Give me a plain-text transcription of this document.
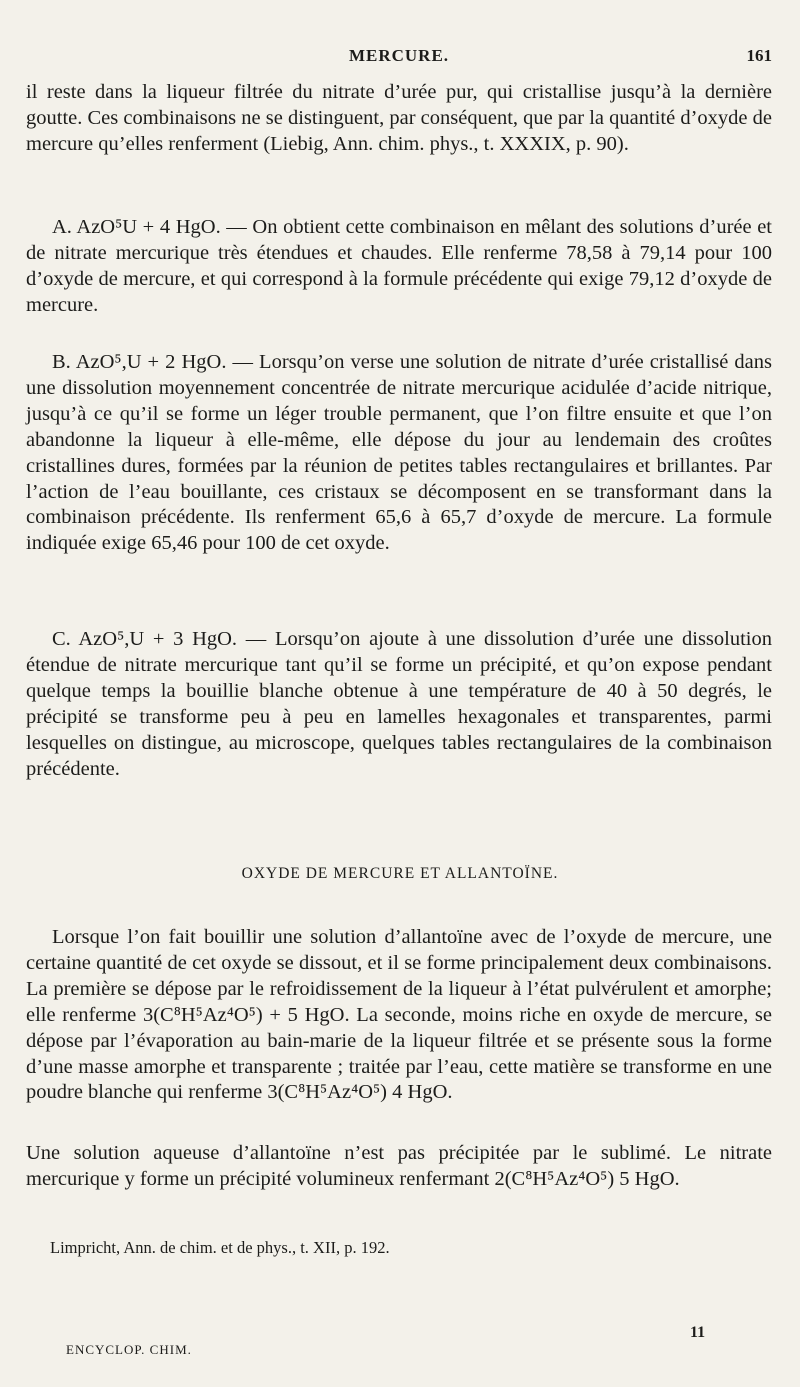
MERCURE.	161

il reste dans la liqueur filtrée du nitrate d’urée pur, qui cristallise jusqu’à la dernière goutte. Ces combinaisons ne se distinguent, par conséquent, que par la quantité d’oxyde de mercure qu’elles renferment (Liebig, Ann. chim. phys., t. XXXIX, p. 90).

A. AzO⁵U + 4 HgO. — On obtient cette combinaison en mêlant des solutions d’urée et de nitrate mercurique très étendues et chaudes. Elle renferme 78,58 à 79,14 pour 100 d’oxyde de mercure, et qui correspond à la formule précédente qui exige 79,12 d’oxyde de mercure.

B. AzO⁵,U + 2 HgO. — Lorsqu’on verse une solution de nitrate d’urée cristallisé dans une dissolution moyennement concentrée de nitrate mercurique acidulée d’acide nitrique, jusqu’à ce qu’il se forme un léger trouble permanent, que l’on filtre ensuite et que l’on abandonne la liqueur à elle-même, elle dépose du jour au lendemain des croûtes cristallines dures, formées par la réunion de petites tables rectangulaires et brillantes. Par l’action de l’eau bouillante, ces cristaux se décomposent en se transformant dans la combinaison précédente. Ils renferment 65,6 à 65,7 d’oxyde de mercure. La formule indiquée exige 65,46 pour 100 de cet oxyde.

C. AzO⁵,U + 3 HgO. — Lorsqu’on ajoute à une dissolution d’urée une dissolution étendue de nitrate mercurique tant qu’il se forme un précipité, et qu’on expose pendant quelque temps la bouillie blanche obtenue à une température de 40 à 50 degrés, le précipité se transforme peu à peu en lamelles hexagonales et transparentes, parmi lesquelles on distingue, au microscope, quelques tables rectangulaires de la combinaison précédente.

OXYDE DE MERCURE ET ALLANTOÏNE.

Lorsque l’on fait bouillir une solution d’allantoïne avec de l’oxyde de mercure, une certaine quantité de cet oxyde se dissout, et il se forme principalement deux combinaisons. La première se dépose par le refroidissement de la liqueur à l’état pulvérulent et amorphe; elle renferme 3(C⁸H⁵Az⁴O⁵) + 5 HgO. La seconde, moins riche en oxyde de mercure, se dépose par l’évaporation au bain-marie de la liqueur filtrée et se présente sous la forme d’une masse amorphe et transparente ; traitée par l’eau, cette matière se transforme en une poudre blanche qui renferme 3(C⁸H⁵Az⁴O⁵) 4 HgO.

Une solution aqueuse d’allantoïne n’est pas précipitée par le sublimé. Le nitrate mercurique y forme un précipité volumineux renfermant 2(C⁸H⁵Az⁴O⁵) 5 HgO.

Limpricht, Ann. de chim. et de phys., t. XII, p. 192.
ENCYCLOP. CHIM.
11
